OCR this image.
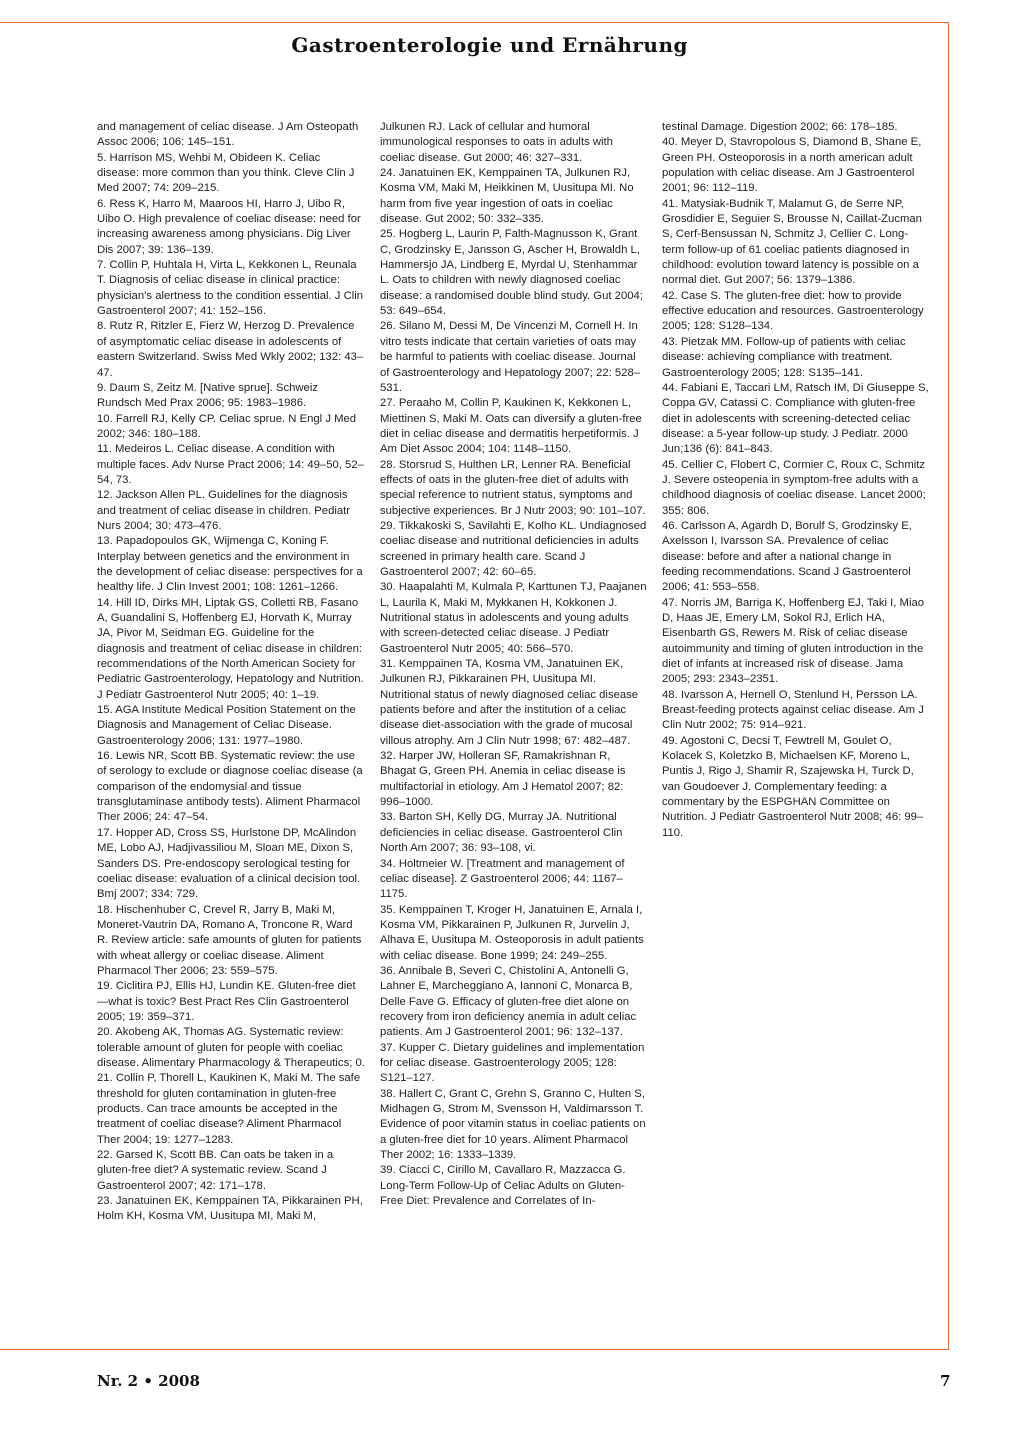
Gastroenterologie und Ernährung

and management of celiac disease. J Am Osteopath Assoc 2006; 106: 145–151.

5. Harrison MS, Wehbi M, Obideen K. Celiac disease: more common than you think. Cleve Clin J Med 2007; 74: 209–215.

6. Ress K, Harro M, Maaroos HI, Harro J, Uibo R, Uibo O. High prevalence of coeliac disease: need for increasing awareness among physicians. Dig Liver Dis 2007; 39: 136–139.

7. Collin P, Huhtala H, Virta L, Kekkonen L, Reunala T. Diagnosis of celiac disease in clinical practice: physician’s alertness to the condition essential. J Clin Gastroenterol 2007; 41: 152–156.

8. Rutz R, Ritzler E, Fierz W, Herzog D. Prevalence of asymptomatic celiac disease in adolescents of eastern Switzerland. Swiss Med Wkly 2002; 132: 43–47.

9. Daum S, Zeitz M. [Native sprue]. Schweiz Rundsch Med Prax 2006; 95: 1983–1986.

10. Farrell RJ, Kelly CP. Celiac sprue. N Engl J Med 2002; 346: 180–188.

11. Medeiros L. Celiac disease. A condition with multiple faces. Adv Nurse Pract 2006; 14: 49–50, 52–54, 73.

12. Jackson Allen PL. Guidelines for the diagnosis and treatment of celiac disease in children. Pediatr Nurs 2004; 30: 473–476.

13. Papadopoulos GK, Wijmenga C, Koning F. Interplay between genetics and the environment in the development of celiac disease: perspectives for a healthy life. J Clin Invest 2001; 108: 1261–1266.

14. Hill ID, Dirks MH, Liptak GS, Colletti RB, Fasano A, Guandalini S, Hoffenberg EJ, Horvath K, Murray JA, Pivor M, Seidman EG. Guideline for the diagnosis and treatment of celiac disease in children: recommendations of the North American Society for Pediatric Gastroenterology, Hepatology and Nutrition. J Pediatr Gastroenterol Nutr 2005; 40: 1–19.

15. AGA Institute Medical Position Statement on the Diagnosis and Management of Celiac Disease. Gastroenterology 2006; 131: 1977–1980.

16. Lewis NR, Scott BB. Systematic review: the use of serology to exclude or diagnose coeliac disease (a comparison of the endomysial and tissue transglutaminase antibody tests). Aliment Pharmacol Ther 2006; 24: 47–54.

17. Hopper AD, Cross SS, Hurlstone DP, McAlindon ME, Lobo AJ, Hadjivassiliou M, Sloan ME, Dixon S, Sanders DS. Pre-endoscopy serological testing for coeliac disease: evaluation of a clinical decision tool. Bmj 2007; 334: 729.

18. Hischenhuber C, Crevel R, Jarry B, Maki M, Moneret-Vautrin DA, Romano A, Troncone R, Ward R. Review article: safe amounts of gluten for patients with wheat allergy or coeliac disease. Aliment Pharmacol Ther 2006; 23: 559–575.

19. Ciclitira PJ, Ellis HJ, Lundin KE. Gluten-free diet—what is toxic? Best Pract Res Clin Gastroenterol 2005; 19: 359–371.

20. Akobeng AK, Thomas AG. Systematic review: tolerable amount of gluten for people with coeliac disease. Alimentary Pharmacology & Therapeutics; 0.

21. Collin P, Thorell L, Kaukinen K, Maki M. The safe threshold for gluten contamination in gluten-free products. Can trace amounts be accepted in the treatment of coeliac disease? Aliment Pharmacol Ther 2004; 19: 1277–1283.

22. Garsed K, Scott BB. Can oats be taken in a gluten-free diet? A systematic review. Scand J Gastroenterol 2007; 42: 171–178.

23. Janatuinen EK, Kemppainen TA, Pikkarainen PH, Holm KH, Kosma VM, Uusitupa MI, Maki M,

Julkunen RJ. Lack of cellular and humoral immunological responses to oats in adults with coeliac disease. Gut 2000; 46: 327–331.

24. Janatuinen EK, Kemppainen TA, Julkunen RJ, Kosma VM, Maki M, Heikkinen M, Uusitupa MI. No harm from five year ingestion of oats in coeliac disease. Gut 2002; 50: 332–335.

25. Hogberg L, Laurin P, Falth-Magnusson K, Grant C, Grodzinsky E, Jansson G, Ascher H, Browaldh L, Hammersjo JA, Lindberg E, Myrdal U, Stenhammar L. Oats to children with newly diagnosed coeliac disease: a randomised double blind study. Gut 2004; 53: 649–654.

26. Silano M, Dessi M, De Vincenzi M, Cornell H. In vitro tests indicate that certain varieties of oats may be harmful to patients with coeliac disease. Journal of Gastroenterology and Hepatology 2007; 22: 528–531.

27. Peraaho M, Collin P, Kaukinen K, Kekkonen L, Miettinen S, Maki M. Oats can diversify a gluten-free diet in celiac disease and dermatitis herpetiformis. J Am Diet Assoc 2004; 104: 1148–1150.

28. Storsrud S, Hulthen LR, Lenner RA. Beneficial effects of oats in the gluten-free diet of adults with special reference to nutrient status, symptoms and subjective experiences. Br J Nutr 2003; 90: 101–107.

29. Tikkakoski S, Savilahti E, Kolho KL. Undiagnosed coeliac disease and nutritional deficiencies in adults screened in primary health care. Scand J Gastroenterol 2007; 42: 60–65.

30. Haapalahti M, Kulmala P, Karttunen TJ, Paajanen L, Laurila K, Maki M, Mykkanen H, Kokkonen J. Nutritional status in adolescents and young adults with screen-detected celiac disease. J Pediatr Gastroenterol Nutr 2005; 40: 566–570.

31. Kemppainen TA, Kosma VM, Janatuinen EK, Julkunen RJ, Pikkarainen PH, Uusitupa MI. Nutritional status of newly diagnosed celiac disease patients before and after the institution of a celiac disease diet-association with the grade of mucosal villous atrophy. Am J Clin Nutr 1998; 67: 482–487.

32. Harper JW, Holleran SF, Ramakrishnan R, Bhagat G, Green PH. Anemia in celiac disease is multifactorial in etiology. Am J Hematol 2007; 82: 996–1000.

33. Barton SH, Kelly DG, Murray JA. Nutritional deficiencies in celiac disease. Gastroenterol Clin North Am 2007; 36: 93–108, vi.

34. Holtmeier W. [Treatment and management of celiac disease]. Z Gastroenterol 2006; 44: 1167–1175.

35. Kemppainen T, Kroger H, Janatuinen E, Arnala I, Kosma VM, Pikkarainen P, Julkunen R, Jurvelin J, Alhava E, Uusitupa M. Osteoporosis in adult patients with celiac disease. Bone 1999; 24: 249–255.

36. Annibale B, Severi C, Chistolini A, Antonelli G, Lahner E, Marcheggiano A, Iannoni C, Monarca B, Delle Fave G. Efficacy of gluten-free diet alone on recovery from iron deficiency anemia in adult celiac patients. Am J Gastroenterol 2001; 96: 132–137.

37. Kupper C. Dietary guidelines and implementation for celiac disease. Gastroenterology 2005; 128: S121–127.

38. Hallert C, Grant C, Grehn S, Granno C, Hulten S, Midhagen G, Strom M, Svensson H, Valdimarsson T. Evidence of poor vitamin status in coeliac patients on a gluten-free diet for 10 years. Aliment Pharmacol Ther 2002; 16: 1333–1339.

39. Ciacci C, Cirillo M, Cavallaro R, Mazzacca G. Long-Term Follow-Up of Celiac Adults on Gluten-Free Diet: Prevalence and Correlates of In-

testinal Damage. Digestion 2002; 66: 178–185.

40. Meyer D, Stavropolous S, Diamond B, Shane E, Green PH. Osteoporosis in a north american adult population with celiac disease. Am J Gastroenterol 2001; 96: 112–119.

41. Matysiak-Budnik T, Malamut G, de Serre NP, Grosdidier E, Seguier S, Brousse N, Caillat-Zucman S, Cerf-Bensussan N, Schmitz J, Cellier C. Long-term follow-up of 61 coeliac patients diagnosed in childhood: evolution toward latency is possible on a normal diet. Gut 2007; 56: 1379–1386.

42. Case S. The gluten-free diet: how to provide effective education and resources. Gastroenterology 2005; 128: S128–134.

43. Pietzak MM. Follow-up of patients with celiac disease: achieving compliance with treatment. Gastroenterology 2005; 128: S135–141.

44. Fabiani E, Taccari LM, Ratsch IM, Di Giuseppe S, Coppa GV, Catassi C. Compliance with gluten-free diet in adolescents with screening-detected celiac disease: a 5-year follow-up study. J Pediatr. 2000 Jun;136 (6): 841–843.

45. Cellier C, Flobert C, Cormier C, Roux C, Schmitz J. Severe osteopenia in symptom-free adults with a childhood diagnosis of coeliac disease. Lancet 2000; 355: 806.

46. Carlsson A, Agardh D, Borulf S, Grodzinsky E, Axelsson I, Ivarsson SA. Prevalence of celiac disease: before and after a national change in feeding recommendations. Scand J Gastroenterol 2006; 41: 553–558.

47. Norris JM, Barriga K, Hoffenberg EJ, Taki I, Miao D, Haas JE, Emery LM, Sokol RJ, Erlich HA, Eisenbarth GS, Rewers M. Risk of celiac disease autoimmunity and timing of gluten introduction in the diet of infants at increased risk of disease. Jama 2005; 293: 2343–2351.

48. Ivarsson A, Hernell O, Stenlund H, Persson LA. Breast-feeding protects against celiac disease. Am J Clin Nutr 2002; 75: 914–921.

49. Agostoni C, Decsi T, Fewtrell M, Goulet O, Kolacek S, Koletzko B, Michaelsen KF, Moreno L, Puntis J, Rigo J, Shamir R, Szajewska H, Turck D, van Goudoever J. Complementary feeding: a commentary by the ESPGHAN Committee on Nutrition. J Pediatr Gastroenterol Nutr 2008; 46: 99–110.

Nr. 2 • 2008	7
